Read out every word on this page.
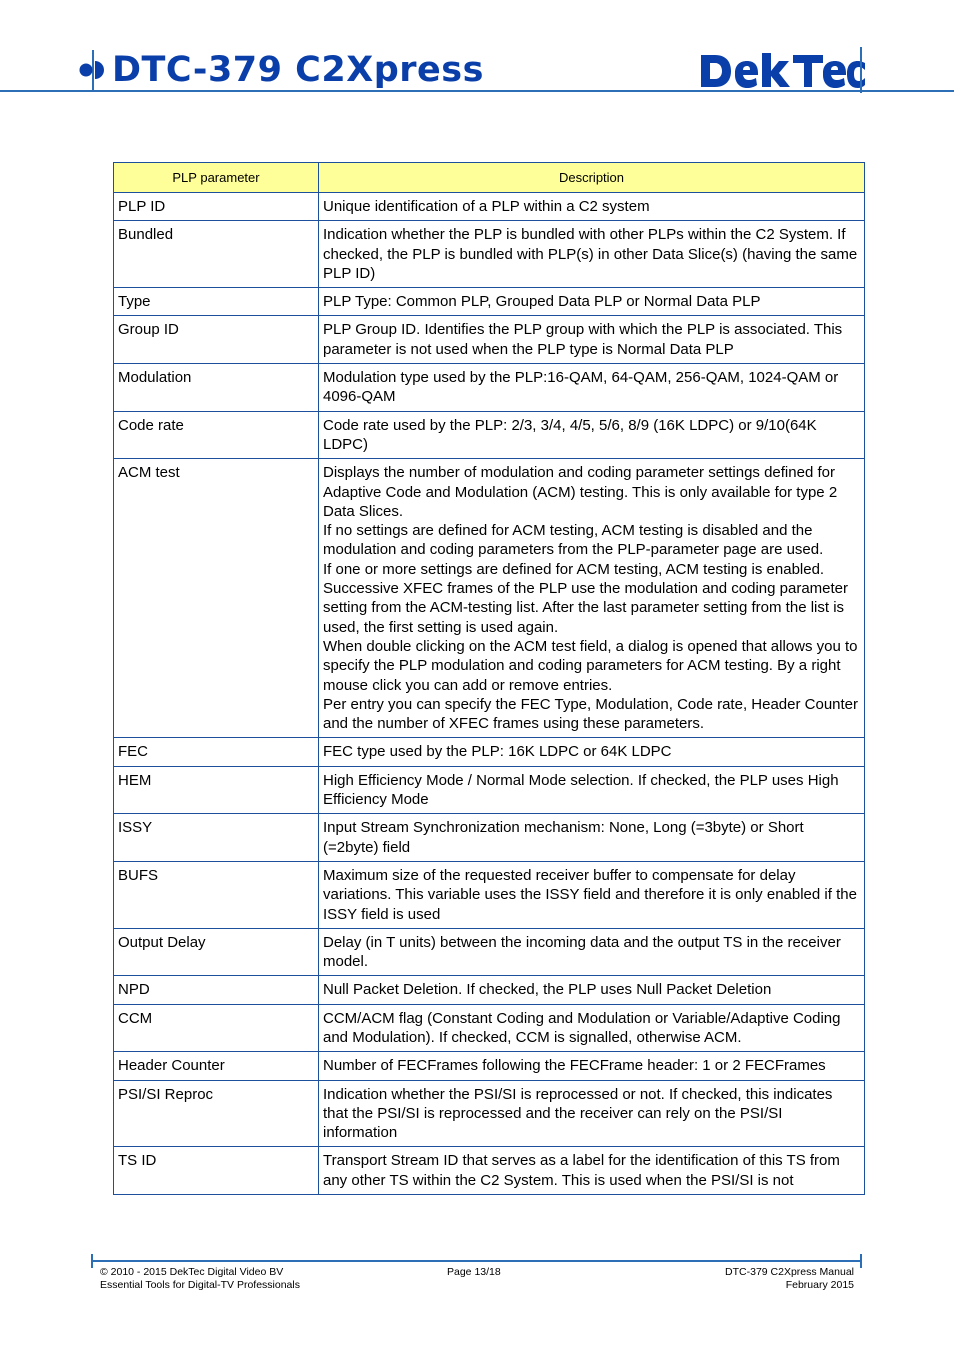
DTC-379 C2Xpress
PLP parameter	Description
PLP ID	Unique identification of a PLP within a C2 system

Bundled	Indication whether the PLP is bundled with other PLPs within the C2 System. If checked, the PLP is bundled with PLP(s) in other Data Slice(s) (having the same PLP ID)

Type	PLP Type: Common PLP, Grouped Data PLP or Normal Data PLP

Group ID	PLP Group ID. Identifies the PLP group with which the PLP is associated. This parameter is not used when the PLP type is Normal Data PLP

Modulation	Modulation type used by the PLP:16-QAM, 64-QAM, 256-QAM, 1024-QAM or 4096-QAM

Code rate	Code rate used by the PLP: 2/3, 3/4, 4/5, 5/6, 8/9 (16K LDPC) or 9/10(64K LDPC)

ACM test	Displays the number of modulation and coding parameter settings defined for Adaptive Code and Modulation (ACM) testing. This is only available for type 2 Data Slices.
If no settings are defined for ACM testing, ACM testing is disabled and the modulation and coding parameters from the PLP-parameter page are used.
If one or more settings are defined for ACM testing, ACM testing is enabled. Successive XFEC frames of the PLP use the modulation and coding parameter setting from the ACM-testing list. After the last parameter setting from the list is used, the first setting is used again.
When double clicking on the ACM test field, a dialog is opened that allows you to specify the PLP modulation and coding parameters for ACM testing. By a right mouse click you can add or remove entries.
Per entry you can specify the FEC Type, Modulation, Code rate, Header Counter and the number of XFEC frames using these parameters.

FEC	FEC type used by the PLP: 16K LDPC or 64K LDPC

HEM	High Efficiency Mode / Normal Mode selection. If checked, the PLP uses High Efficiency Mode

ISSY	Input Stream Synchronization mechanism: None, Long (=3byte) or Short (=2byte) field

BUFS	Maximum size of the requested receiver buffer to compensate for delay variations. This variable uses the ISSY field and therefore it is only enabled if the ISSY field is used

Output Delay	Delay (in T units) between the incoming data and the output TS in the receiver model.

NPD	Null Packet Deletion. If checked, the PLP uses Null Packet Deletion

CCM	CCM/ACM flag (Constant Coding and Modulation or Variable/Adaptive Coding and Modulation). If checked, CCM is signalled, otherwise ACM.

Header Counter	Number of FECFrames following the FECFrame header: 1 or 2 FECFrames

PSI/SI Reproc	Indication whether the PSI/SI is reprocessed or not. If checked, this indicates that the PSI/SI is reprocessed and the receiver can rely on the PSI/SI information

TS ID	Transport Stream ID that serves as a label for the identification of this TS from any other TS within the C2 System. This is used when the PSI/SI is not
© 2010 - 2015 DekTec Digital Video BV
Essential Tools for Digital-TV Professionals
Page 13/18	DTC-379 C2Xpress Manual
February 2015
